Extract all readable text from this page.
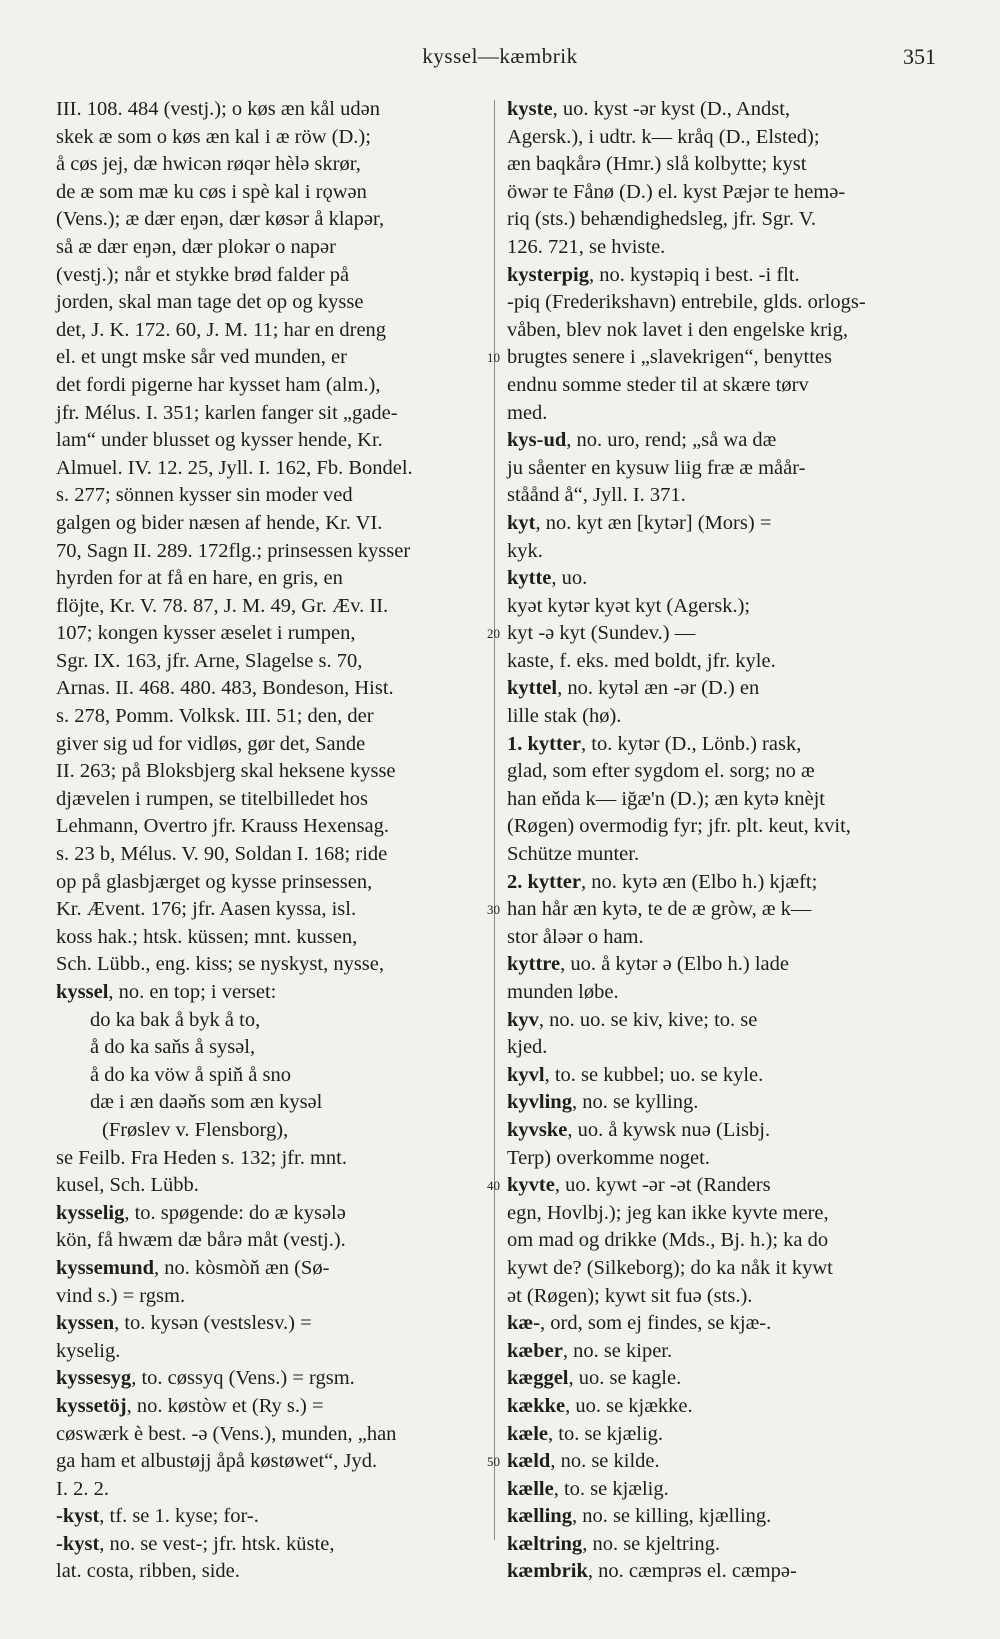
kyssel—kæmbrik	351
III. 108. 484 (vestj.); o køs æn kål udən
skek æ som o køs æn kal i æ röw (D.);
å cøs jej, dæ hwicən røqər hèlə skrør,
de æ som mæ ku cøs i spè kal i rǫwən
(Vens.); æ dær eŋən, dær køsər å klapər,
så æ dær eŋən, dær plokər o napər
(vestj.); når et stykke brød falder på
jorden, skal man tage det op og kysse
det, J. K. 172. 60, J. M. 11; har en dreng
el. et ungt mske sår ved munden, er
det fordi pigerne har kysset ham (alm.),
jfr. Mélus. I. 351; karlen fanger sit „gade-
lam“ under blusset og kysser hende, Kr.
Almuel. IV. 12. 25, Jyll. I. 162, Fb. Bondel.
s. 277; sönnen kysser sin moder ved
galgen og bider næsen af hende, Kr. VI.
70, Sagn II. 289. 172flg.; prinsessen kysser
hyrden for at få en hare, en gris, en
flöjte, Kr. V. 78. 87, J. M. 49, Gr. Æv. II.
107; kongen kysser æselet i rumpen,
Sgr. IX. 163, jfr. Arne, Slagelse s. 70,
Arnas. II. 468. 480. 483, Bondeson, Hist.
s. 278, Pomm. Volksk. III. 51; den, der
giver sig ud for vidløs, gør det, Sande
II. 263; på Bloksbjerg skal heksene kysse
djævelen i rumpen, se titelbilledet hos
Lehmann, Overtro jfr. Krauss Hexensag.
s. 23 b, Mélus. V. 90, Soldan I. 168; ride
op på glasbjærget og kysse prinsessen,
Kr. Ævent. 176; jfr. Aasen kyssa, isl.
koss hak.; htsk. küssen; mnt. kussen,
Sch. Lübb., eng. kiss; se nyskyst, nysse,
kyssel, no. en top; i verset:
do ka bak å byk å to,
å do ka saňs å sysəl,
å do ka vöw å spiň å sno
dæ i æn daəňs som æn kysəl
(Frøslev v. Flensborg),
se Feilb. Fra Heden s. 132; jfr. mnt.
kusel, Sch. Lübb.
kysselig, to. spøgende: do æ kysələ
kön, få hwæm dæ bårə måt (vestj.).
kyssemund, no. kòsmòň æn (Sø-
vind s.) = rgsm.
kyssen, to. kysən (vestslesv.) =
kyselig.
kyssesyg, to. cøssyq (Vens.) = rgsm.
kyssetöj, no. køstòw et (Ry s.) =
cøswærk è best. -ə (Vens.), munden, „han
ga ham et albustøjj åpå køstøwet“, Jyd.
I. 2. 2.
-kyst, tf. se 1. kyse; for-.
-kyst, no. se vest-; jfr. htsk. küste,
lat. costa, ribben, side.
10
20
30
40
50
kyste, uo. kyst -ər kyst (D., Andst,
Agersk.), i udtr. k— kråq (D., Elsted);
æn baqkårə (Hmr.) slå kolbytte; kyst
öwər te Fånø (D.) el. kyst Pæjər te hemə-
riq (sts.) behændighedsleg, jfr. Sgr. V.
126. 721, se hviste.
kysterpig, no. kystəpiq i best. -i flt.
-piq (Frederikshavn) entrebile, glds. orlogs-
våben, blev nok lavet i den engelske krig,
brugtes senere i „slavekrigen“, benyttes
endnu somme steder til at skære tørv
med.
kys-ud, no. uro, rend; „så wa dæ
ju såenter en kysuw liig fræ æ måår-
ståånd å“, Jyll. I. 371.
kyt, no. kyt æn [kytər] (Mors) =
kyk.
kytte, uo.
kyət kytər kyət kyt (Agersk.);
kyt -ə kyt (Sundev.) —
kaste, f. eks. med boldt, jfr. kyle.
kyttel, no. kytəl æn -ər (D.) en
lille stak (hø).
1. kytter, to. kytər (D., Lönb.) rask,
glad, som efter sygdom el. sorg; no æ
han eňda k— iğæ'n (D.); æn kytə knèjt
(Røgen) overmodig fyr; jfr. plt. keut, kvit,
Schütze munter.
2. kytter, no. kytə æn (Elbo h.) kjæft;
han hår æn kytə, te de æ gròw, æ k—
stor åləər o ham.
kyttre, uo. å kytər ə (Elbo h.) lade
munden løbe.
kyv, no. uo. se kiv, kive; to. se
kjed.
kyvl, to. se kubbel; uo. se kyle.
kyvling, no. se kylling.
kyvske, uo. å kywsk nuə (Lisbj.
Terp) overkomme noget.
kyvte, uo. kywt -ər -ət (Randers
egn, Hovlbj.); jeg kan ikke kyvte mere,
om mad og drikke (Mds., Bj. h.); ka do
kywt de? (Silkeborg); do ka nåk it kywt
ət (Røgen); kywt sit fuə (sts.).
kæ-, ord, som ej findes, se kjæ-.
kæber, no. se kiper.
kæggel, uo. se kagle.
kække, uo. se kjække.
kæle, to. se kjælig.
kæld, no. se kilde.
kælle, to. se kjælig.
kælling, no. se killing, kjælling.
kæltring, no. se kjeltring.
kæmbrik, no. cæmprəs el. cæmpə-
